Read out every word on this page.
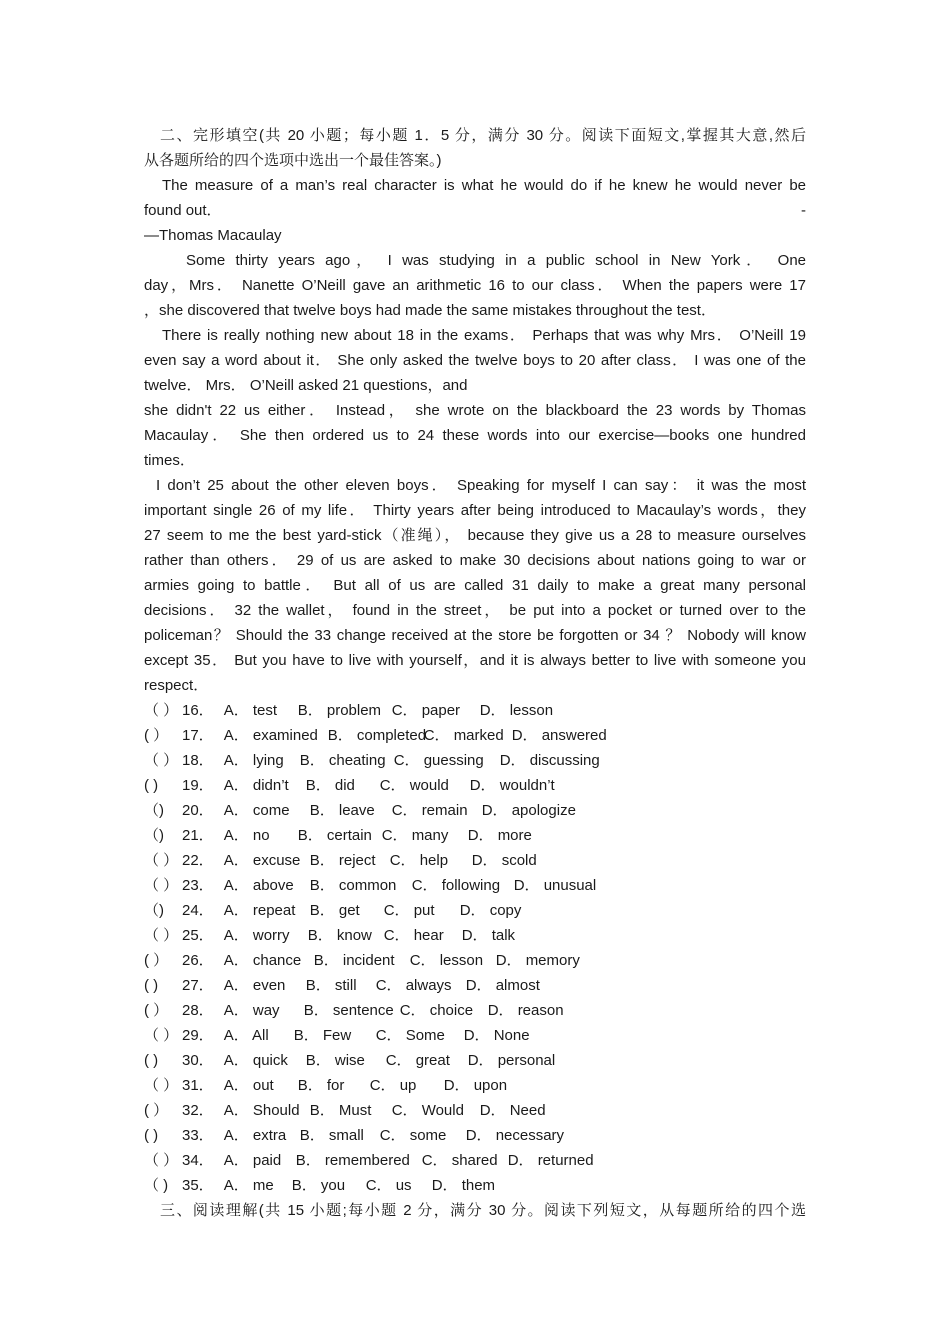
二、完形填空(共 20 小题；每小题 1．5 分，满分 30 分。阅读下面短文,掌握其大意,然后
从各题所给的四个选项中选出一个最佳答案。)
The measure of a man’s real character is what he would do if he knew he would never be
found out．	-
—Thomas Macaulay
Some thirty years ago， I was studying in a public school in New York． One
day，Mrs． Nanette O’Neill gave an arithmetic 16 to our class． When the papers were 17
，she discovered that twelve boys had made the same mistakes throughout the test．
There is really nothing new about 18 in the exams． Perhaps that was why Mrs． O’Neill 19
even say a word about it． She only asked the twelve boys to 20 after class． I was one of the
twelve． Mrs． O’Neill asked 21 questions，and
she didn't 22 us either． Instead， she wrote on the blackboard the 23 words by Thomas
Macaulay． She then ordered us to 24 these words into our exercise—books one hundred
times．
I don’t 25 about the other eleven boys． Speaking for myself I can say： it was the most
important single 26 of my life． Thirty years after being introduced to Macaulay’s words，they
27 seem to me the best yard-stick（准绳）， because they give us a 28 to measure ourselves
rather than others． 29 of us are asked to make 30 decisions about nations going to war or
armies going to battle． But all of us are called 31 daily to make a great many personal
decisions． 32 the wallet， found in the street， be put into a pocket or turned over to the
policeman？ Should the 33 change received at the store be forgotten or 34 ？ Nobody will know
except 35． But you have to live with yourself，and it is always better to live with someone you
respect．
（ ） 16． A． test	B． problem C． paper	D． lesson
( ） 17． A． examined B． completed
C． marked D． answered
（ ） 18． A． lying	B． cheating C． guessing	D． discussing
( )	19． A． didn’t	B． did	C． would	D． wouldn’t
（)	20． A． come	B． leave	C． remain D． apologize
（)	21． A． no	B． certain C． many	D． more
（ ） 22． A． excuse B． reject C． help	D． scold
（ ） 23． A． above	B． common	C． following D． unusual
（)	24． A． repeat B． get	C． put	D． copy
（ ） 25． A． worry	B． know C． hear	D． talk
( ） 26． A． chance B． incident	C． lesson D． memory
( )	27． A． even	B． still	C． always D． almost
( ） 28． A． way	B． sentence C． choice D． reason
（ ） 29． A． All	B． Few	C． Some	D． None
( )	30． A． quick	B． wise	C． great	D． personal
（ ） 31． A． out	B． for	C． up	D． upon
( ） 32． A． Should B． Must	C． Would	D． Need
( )	33． A． extra B． small	C． some	D． necessary
（ ） 34． A． paid B． remembered C． shared D． returned
（ ) 35． A． me	B． you	C． us	D． them
三、阅读理解(共 15 小题;每小题 2 分，满分 30 分。阅读下列短文，从每题所给的四个选
